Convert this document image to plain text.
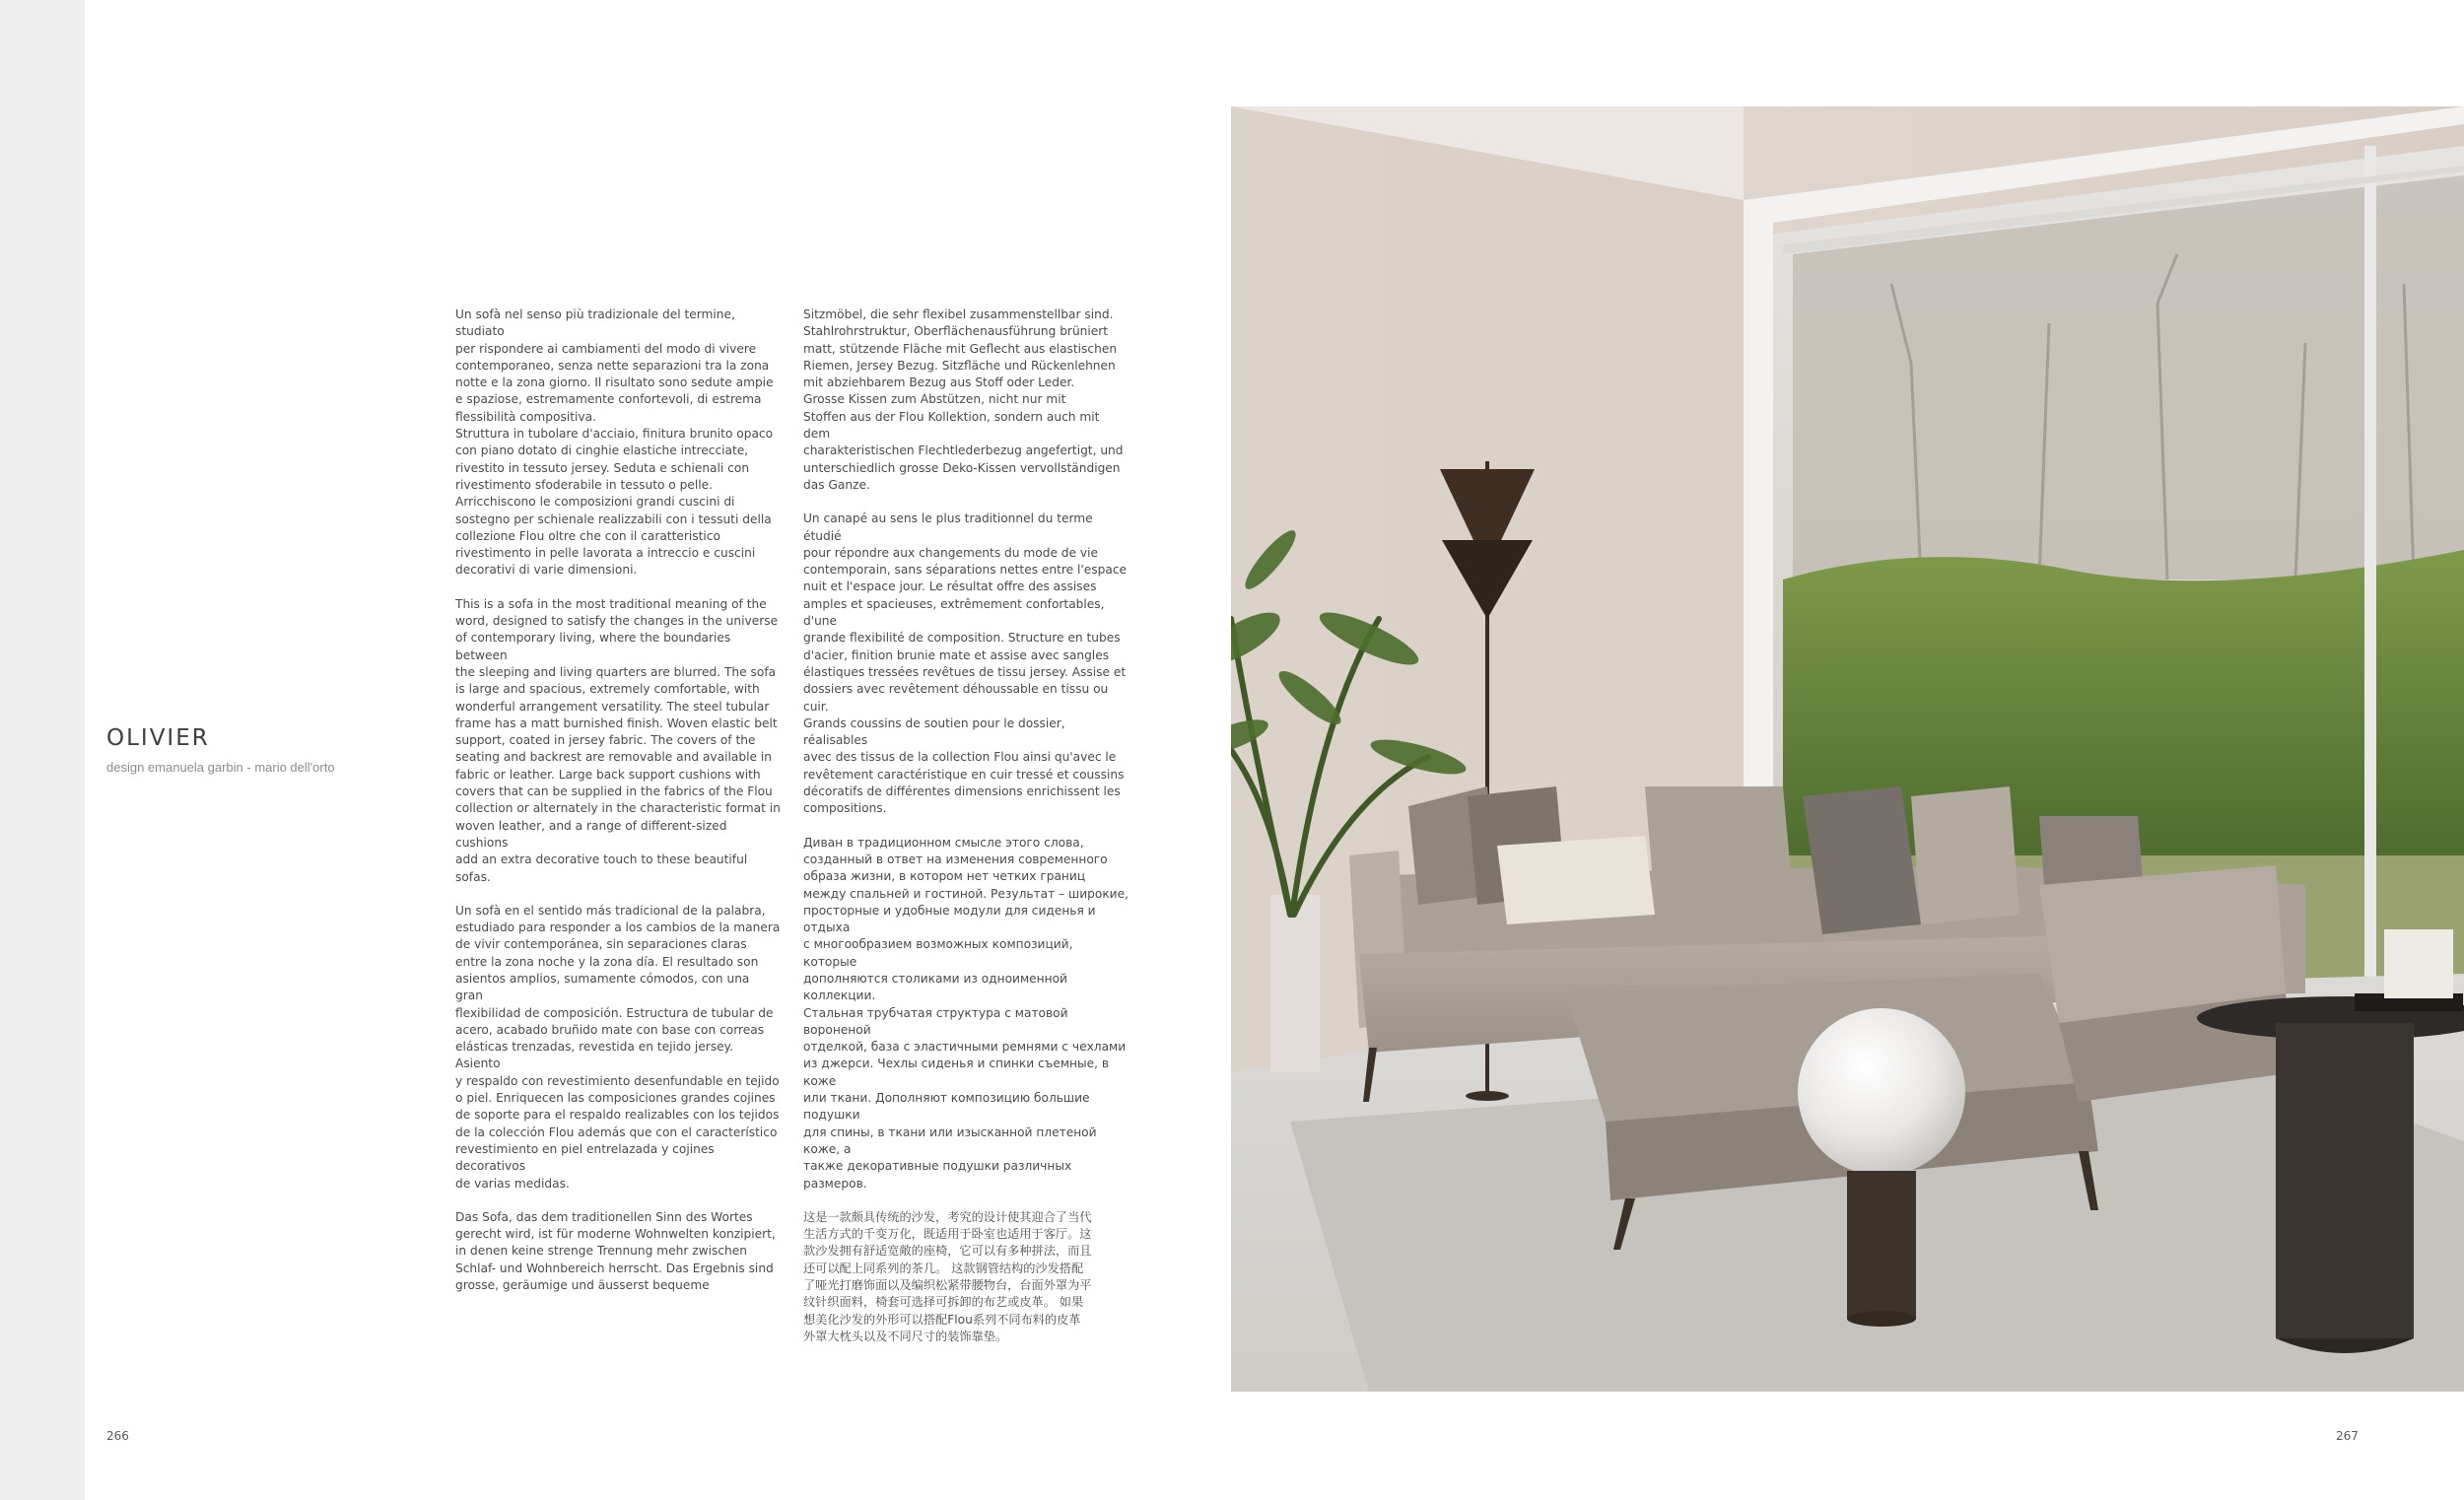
OLIVIER
design emanuela garbin - mario dell'orto

Un sofà nel senso più tradizionale del termine, studiato
per rispondere ai cambiamenti del modo di vivere
contemporaneo, senza nette separazioni tra la zona
notte e la zona giorno. Il risultato sono sedute ampie
e spaziose, estremamente confortevoli, di estrema
flessibilità compositiva.
Struttura in tubolare d'acciaio, finitura brunito opaco
con piano dotato di cinghie elastiche intrecciate,
rivestito in tessuto jersey. Seduta e schienali con
rivestimento sfoderabile in tessuto o pelle.
Arricchiscono le composizioni grandi cuscini di
sostegno per schienale realizzabili con i tessuti della
collezione Flou oltre che con il caratteristico
rivestimento in pelle lavorata a intreccio e cuscini
decorativi di varie dimensioni.

This is a sofa in the most traditional meaning of the
word, designed to satisfy the changes in the universe
of contemporary living, where the boundaries between
the sleeping and living quarters are blurred. The sofa
is large and spacious, extremely comfortable, with
wonderful arrangement versatility. The steel tubular
frame has a matt burnished finish. Woven elastic belt
support, coated in jersey fabric. The covers of the
seating and backrest are removable and available in
fabric or leather. Large back support cushions with
covers that can be supplied in the fabrics of the Flou
collection or alternately in the characteristic format in
woven leather, and a range of different-sized cushions
add an extra decorative touch to these beautiful sofas.

Un sofà en el sentido más tradicional de la palabra,
estudiado para responder a los cambios de la manera
de vivir contemporánea, sin separaciones claras
entre la zona noche y la zona día. El resultado son
asientos amplios, sumamente cómodos, con una gran
flexibilidad de composición. Estructura de tubular de
acero, acabado bruñido mate con base con correas
elásticas trenzadas, revestida en tejido jersey. Asiento
y respaldo con revestimiento desenfundable en tejido
o piel. Enriquecen las composiciones grandes cojines
de soporte para el respaldo realizables con los tejidos
de la colección Flou además que con el característico
revestimiento en piel entrelazada y cojines decorativos
de varias medidas.

Das Sofa, das dem traditionellen Sinn des Wortes
gerecht wird, ist für moderne Wohnwelten konzipiert,
in denen keine strenge Trennung mehr zwischen
Schlaf- und Wohnbereich herrscht. Das Ergebnis sind
grosse, geräumige und äusserst bequeme

Sitzmöbel, die sehr flexibel zusammenstellbar sind.
Stahlrohrstruktur, Oberflächenausführung brüniert
matt, stützende Fläche mit Geflecht aus elastischen
Riemen, Jersey Bezug. Sitzfläche und Rückenlehnen
mit abziehbarem Bezug aus Stoff oder Leder.
Grosse Kissen zum Abstützen, nicht nur mit
Stoffen aus der Flou Kollektion, sondern auch mit dem
charakteristischen Flechtlederbezug angefertigt, und
unterschiedlich grosse Deko-Kissen vervollständigen
das Ganze.

Un canapé au sens le plus traditionnel du terme étudié
pour répondre aux changements du mode de vie
contemporain, sans séparations nettes entre l'espace
nuit et l'espace jour. Le résultat offre des assises
amples et spacieuses, extrêmement confortables, d'une
grande flexibilité de composition. Structure en tubes
d'acier, finition brunie mate et assise avec sangles
élastiques tressées revêtues de tissu jersey. Assise et
dossiers avec revêtement déhoussable en tissu ou cuir.
Grands coussins de soutien pour le dossier, réalisables
avec des tissus de la collection Flou ainsi qu'avec le
revêtement caractéristique en cuir tressé et coussins
décoratifs de différentes dimensions enrichissent les
compositions.

Диван в традиционном смысле этого слова,
созданный в ответ на изменения современного
образа жизни, в котором нет четких границ
между спальней и гостиной. Результат – широкие,
просторные и удобные модули для сиденья и отдыха
с многообразием возможных композиций, которые
дополняются столиками из одноименной коллекции.
Стальная трубчатая структура с матовой вороненой
отделкой, база с эластичными ремнями с чехлами
из джерси. Чехлы сиденья и спинки съемные, в коже
или ткани. Дополняют композицию большие подушки
для спины, в ткани или изысканной плетеной коже, а
также декоративные подушки различных размеров.

这是一款颇具传统的沙发，考究的设计使其迎合了当代
生活方式的千变万化，既适用于卧室也适用于客厅。这
款沙发拥有舒适宽敞的座椅，它可以有多种拼法，而且
还可以配上同系列的茶几。 这款钢管结构的沙发搭配
了哑光打磨饰面以及编织松紧带腰物台，台面外罩为平
纹针织面料，椅套可选择可拆卸的布艺或皮革。 如果
想美化沙发的外形可以搭配Flou系列不同布料的皮革
外罩大枕头以及不同尺寸的装饰靠垫。

266	267
